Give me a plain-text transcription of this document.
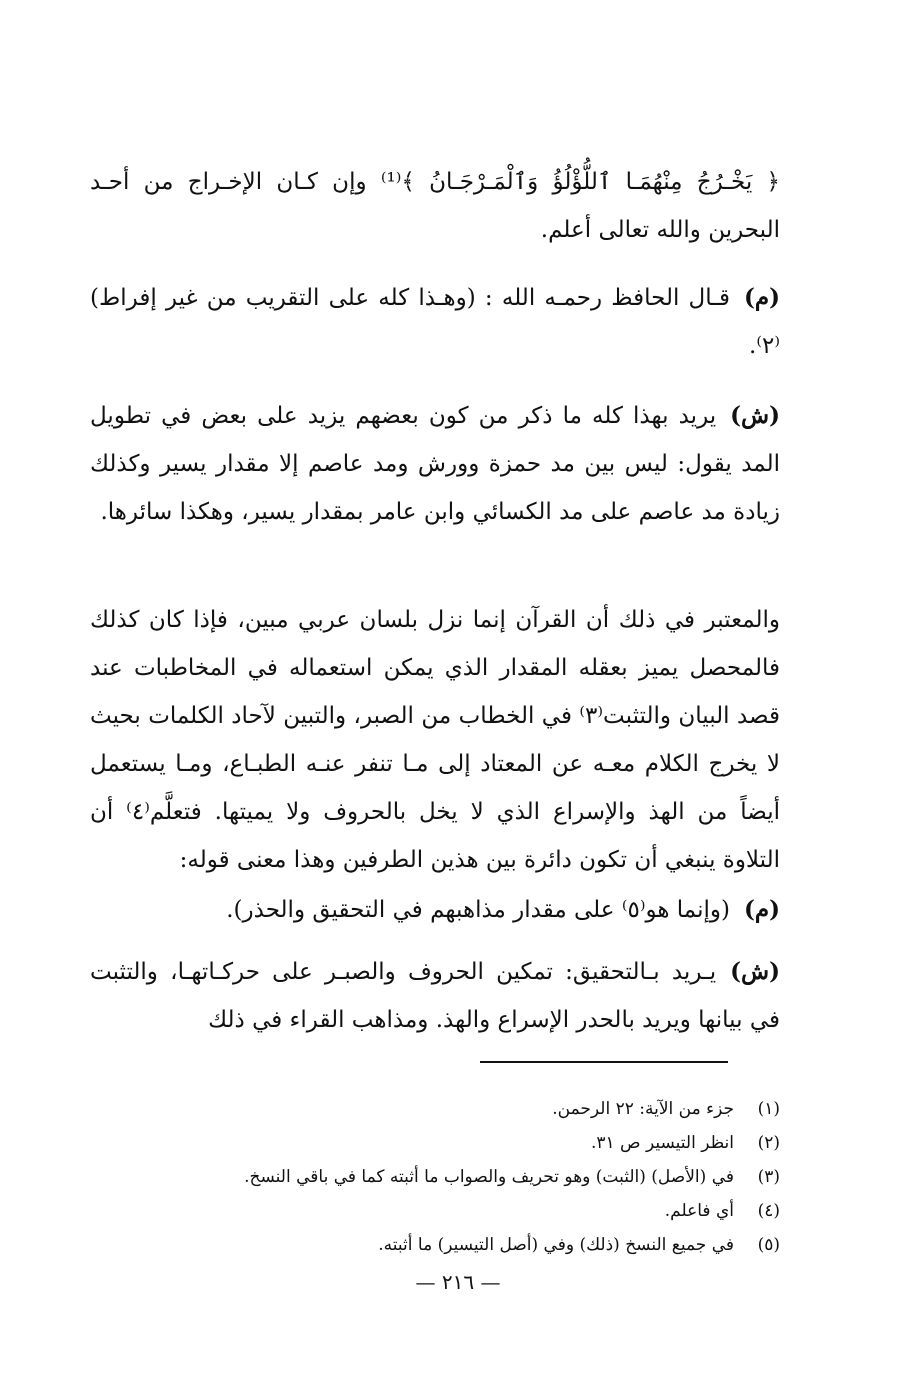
﴿ يَخْـرُجُ مِنْهُمَـا ٱللُّؤْلُؤُ وَٱلْمَـرْجَـانُ ﴾⁽¹⁾ وإن كـان الإخـراج من أحـد البحرين والله تعالى أعلم.

(م)قـال الحافظ رحمـه الله : (وهـذا كله على التقريب من غير إفراط)⁽٢⁾.

(ش)يريد بهذا كله ما ذكر من كون بعضهم يزيد على بعض في تطويل المد يقول: ليس بين مد حمزة وورش ومد عاصم إلا مقدار يسير وكذلك زيادة مد عاصم على مد الكسائي وابن عامر بمقدار يسير، وهكذا سائرها.

والمعتبر في ذلك أن القرآن إنما نزل بلسان عربي مبين، فإذا كان كذلك فالمحصل يميز بعقله المقدار الذي يمكن استعماله في المخاطبات عند قصد البيان والتثبت⁽٣⁾ في الخطاب من الصبر، والتبين لآحاد الكلمات بحيث لا يخرج الكلام معـه عن المعتاد إلى مـا تنفر عنـه الطبـاع، ومـا يستعمل أيضاً من الهذ والإسراع الذي لا يخل بالحروف ولا يميتها. فتعلَّم⁽٤⁾ أن التلاوة ينبغي أن تكون دائرة بين هذين الطرفين وهذا معنى قوله:

(م)(وإنما هو⁽٥⁾ على مقدار مذاهبهم في التحقيق والحذر).

(ش)يـريد بـالتحقيق: تمكين الحروف والصبـر على حركـاتهـا، والتثبت في بيانها ويريد بالحدر الإسراع والهذ. ومذاهب القراء في ذلك

(١)جزء من الآية: ٢٢ الرحمن.
(٢)انظر التيسير ص ٣١.
(٣)في (الأصل) (الثبت) وهو تحريف والصواب ما أثبته كما في باقي النسخ.
(٤)أي فاعلم.
(٥)في جميع النسخ (ذلك) وفي (أصل التيسير) ما أثبته.
— ٢١٦ —
